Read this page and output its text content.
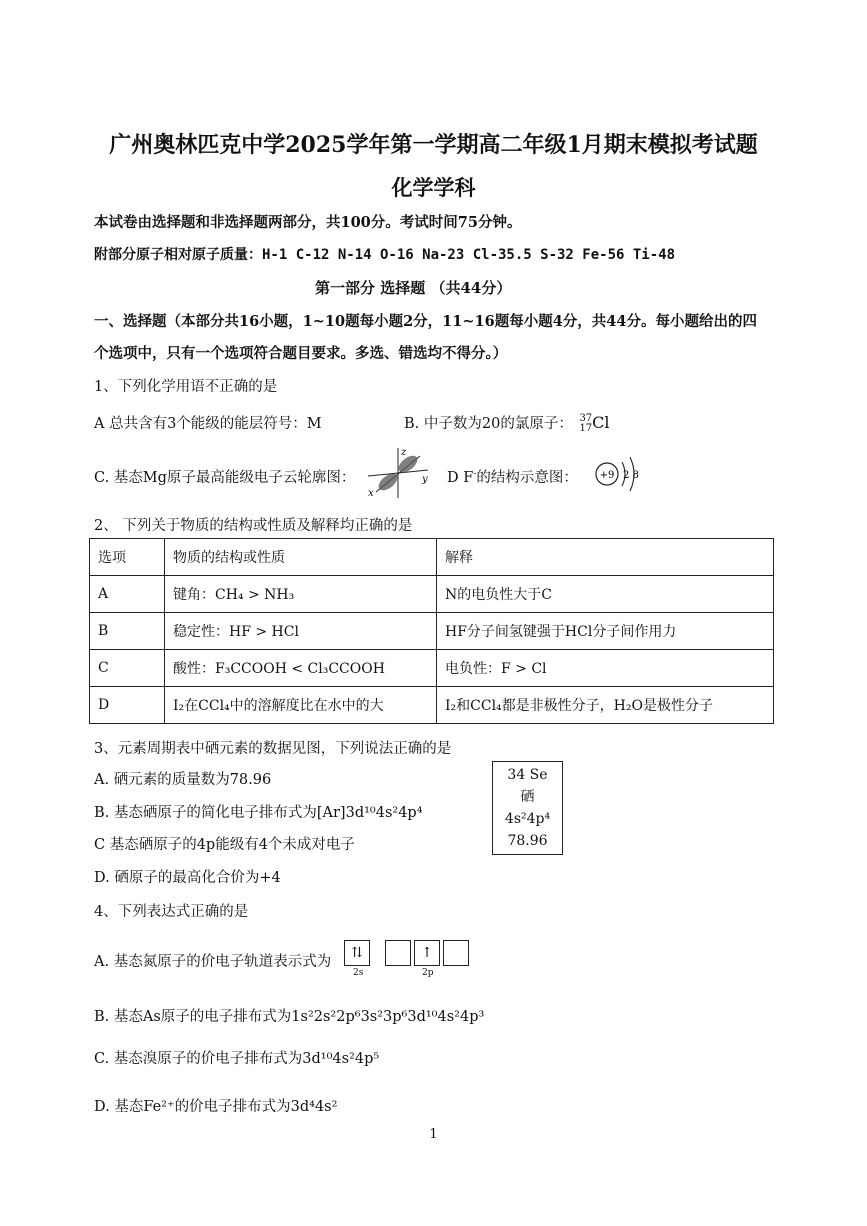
广州奥林匹克中学2025学年第一学期高二年级1月期末模拟考试题
化学学科
本试卷由选择题和非选择题两部分，共100分。考试时间75分钟。
附部分原子相对原子质量：H-1 C-12 N-14 O-16 Na-23 Cl-35.5 S-32 Fe-56 Ti-48
第一部分 选择题 （共44分）
一、选择题（本部分共16小题，1~10题每小题2分，11~16题每小题4分，共44分。每小题给出的四
个选项中，只有一个选项符合题目要求。多选、错选均不得分。）
1、下列化学用语不正确的是
A 总共含有3个能级的能层符号：M	B. 中子数为20的氯原子： 37
17 Cl
C. 基态Mg原子最高能级电子云轮廓图：
z
y
x
D F-的结构示意图： +9 2 8
2、 下列关于物质的结构或性质及解释均正确的是
选项	物质的结构或性质	解释
A	键角：CH₄ > NH₃	N的电负性大于C
B	稳定性：HF > HCl	HF分子间氢键强于HCl分子间作用力
C	酸性：F₃CCOOH < Cl₃CCOOH	电负性：F > Cl
D	I₂在CCl₄中的溶解度比在水中的大	I₂和CCl₄都是非极性分子，H₂O是极性分子
3、元素周期表中硒元素的数据见图，下列说法正确的是
A. 硒元素的质量数为78.96
B. 基态硒原子的简化电子排布式为[Ar]3d¹⁰4s²4p⁴
C 基态硒原子的4p能级有4个未成对电子
D. 硒原子的最高化合价为+4
34 Se
硒
4s²4p⁴
78.96
4、下列表达式正确的是
A. 基态氮原子的价电子轨道表示式为
⇅	↑
2s	2p
B. 基态As原子的电子排布式为1s²2s²2p⁶3s²3p⁶3d¹⁰4s²4p³
C. 基态溴原子的价电子排布式为3d¹⁰4s²4p⁵
D. 基态Fe²⁺的价电子排布式为3d⁴4s²
1
